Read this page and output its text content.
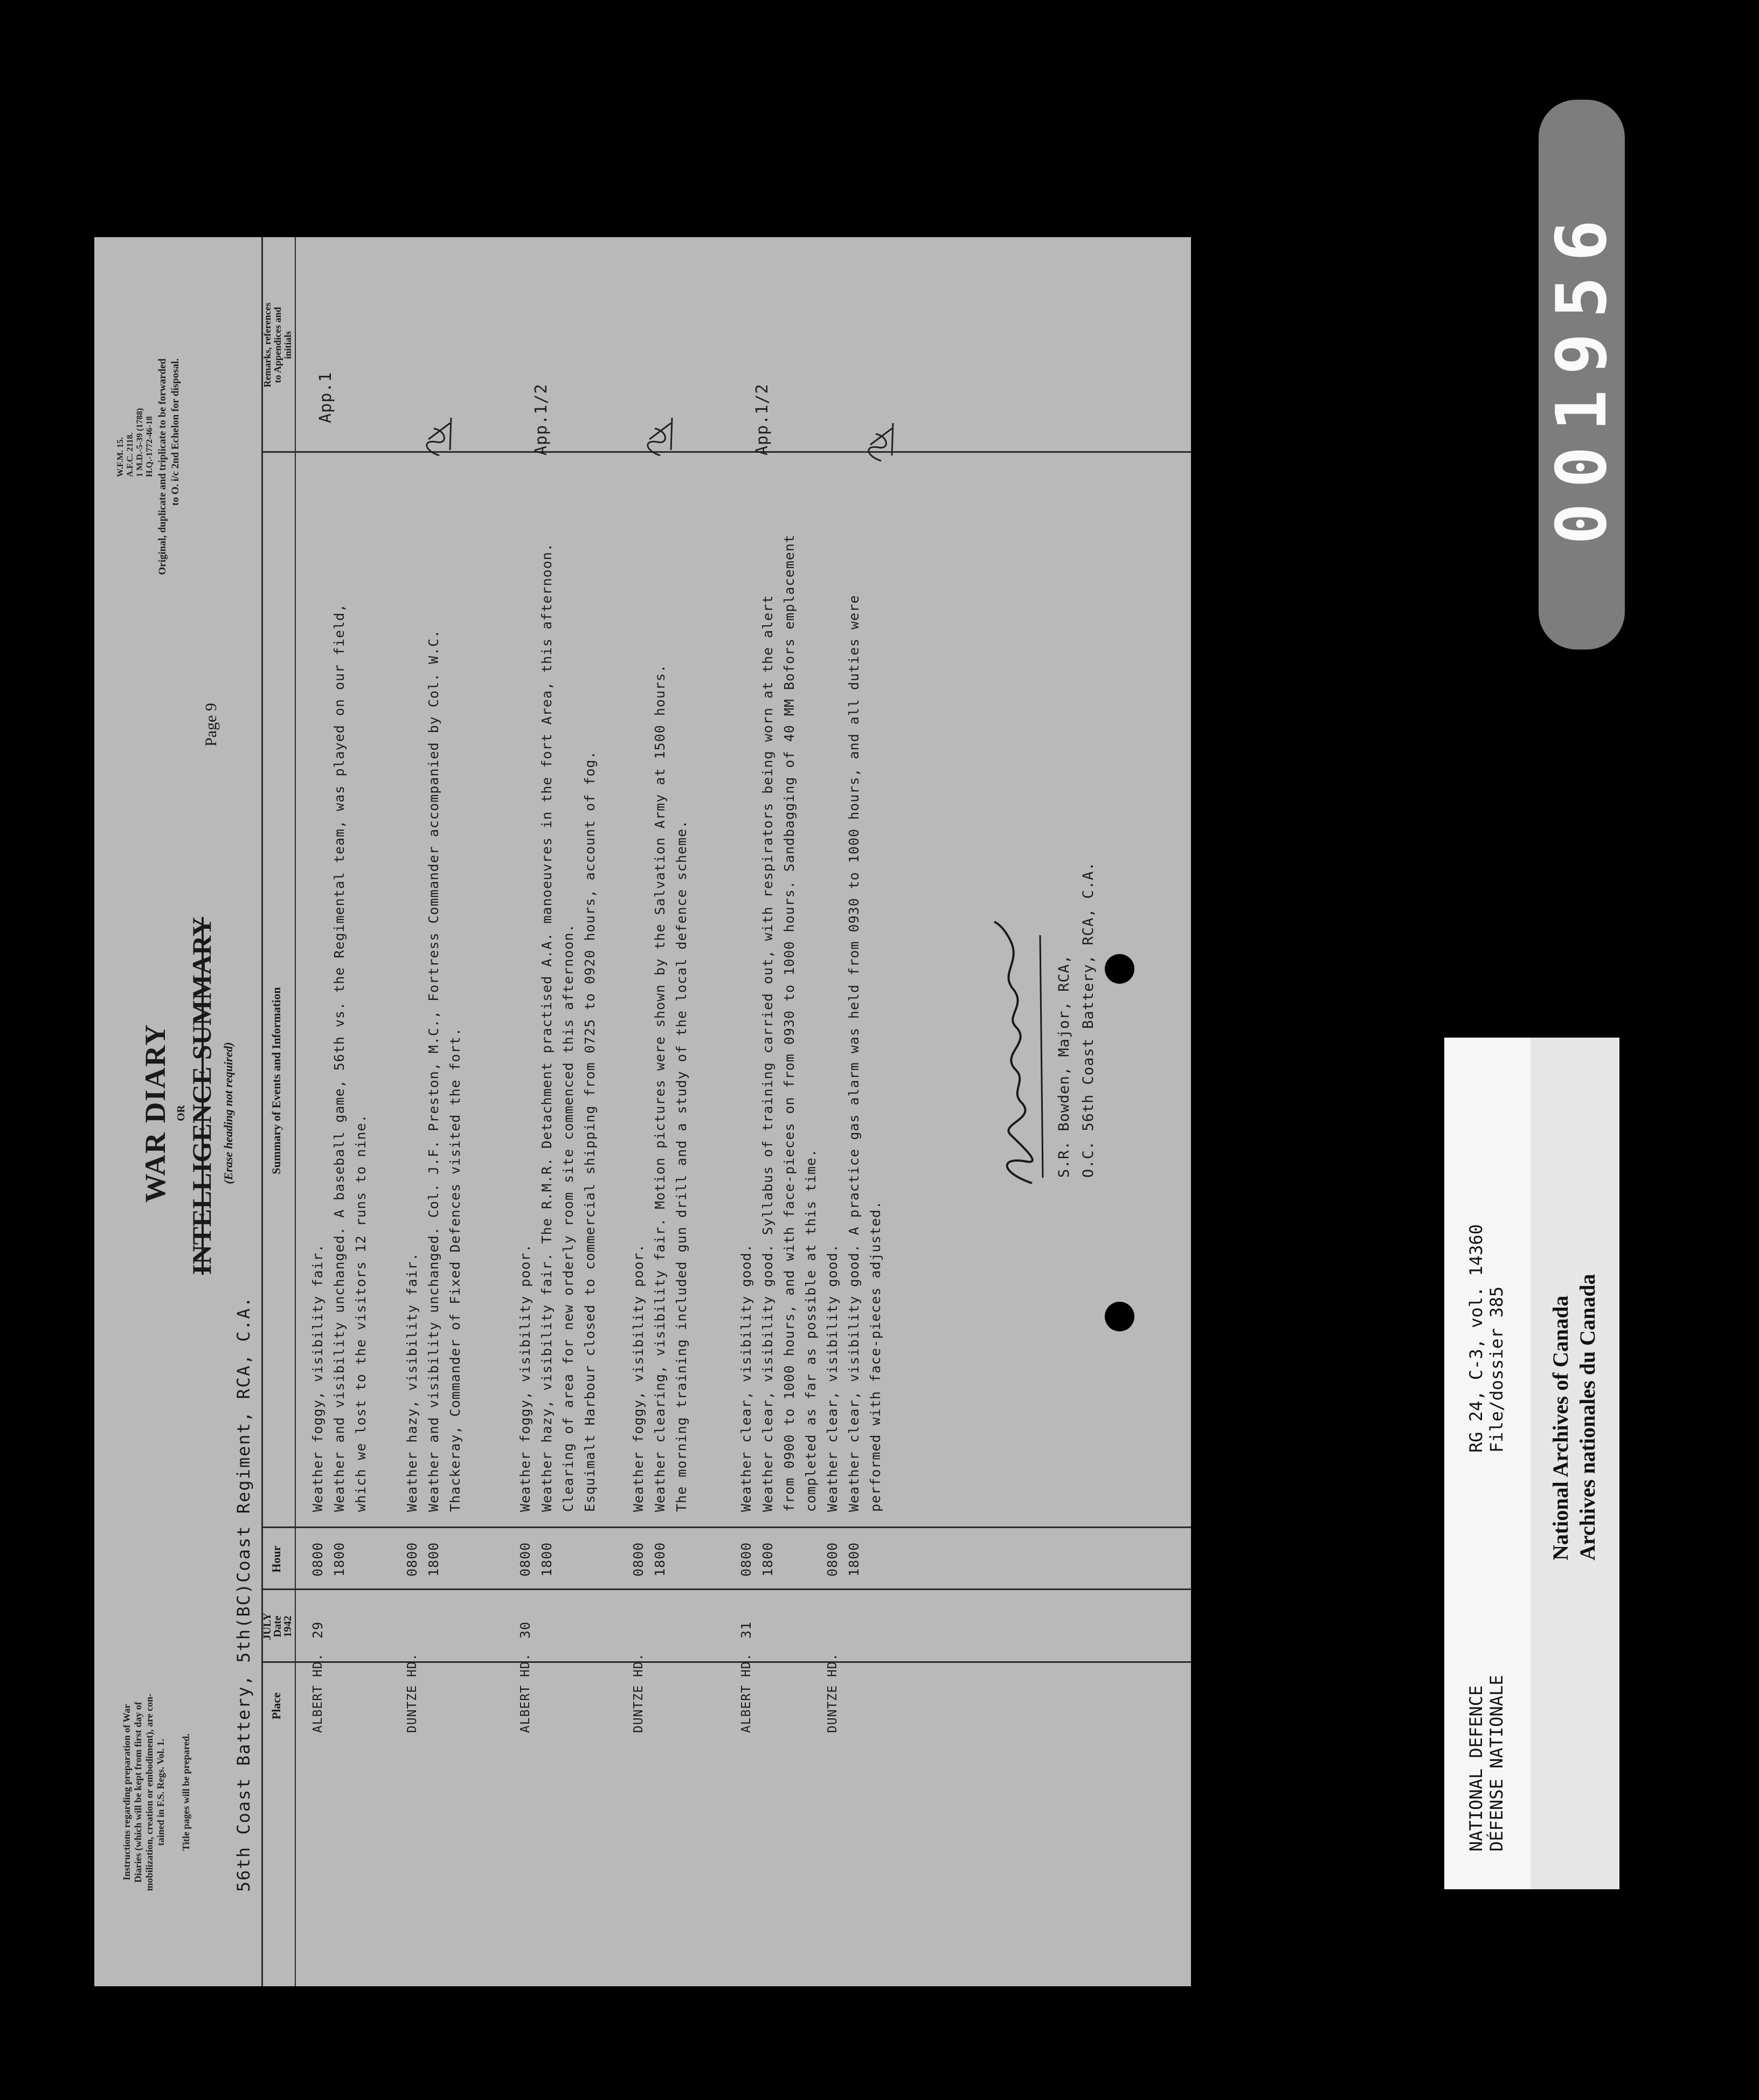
W.F.M. 15. A.F.C. 2118. 1 M.D.-5-39 (1788) H.Q.-1772-46-18 Original, duplicate and triplicate to be forwarded to O. i/c 2nd Echelon for disposal.
Instructions regarding preparation of War Diaries (which will be kept from first day of mobilization, creation or embodiment), are con- tained in F.S. Regs. Vol. 1. Title pages will be prepared.
WAR DIARY OR INTELLIGENCE SUMMARY (Erase heading not required)
Page 9
56th Coast Battery, 5th(BC)Coast Regiment, RCA, C.A. Place
JULY
Date
1942
Hour
Summary of Events and Information
Remarks, references to Appendices and initials
ALBERT HD.
29
0800 1800
Weather foggy, visibility fair. Weather and visibility unchanged. A baseball game, 56th vs. the Regimental team, was played on our field, which we lost to the visitors 12 runs to nine.
App.1
DUNTZE HD.
0800 1800
Weather hazy, visibility fair. Weather and visibility unchanged. Col. J.F. Preston, M.C., Fortress Commander accompanied by Col. W.C. Thackeray, Commander of Fixed Defences visited the fort.
ALBERT HD.
30
0800 1800
Weather foggy, visibility poor. Weather hazy, visibility fair. The R.M.R. Detachment practised A.A. manoeuvres in the fort Area, this afternoon. Clearing of area for new orderly room site commenced this afternoon. Esquimalt Harbour closed to commercial shipping from 0725 to 0920 hours, account of fog.
App.1/2
DUNTZE HD.
0800 1800
Weather foggy, visibility poor. Weather clearing, visibility fair. Motion pictures were shown by the Salvation Army at 1500 hours. The morning training included gun drill and a study of the local defence scheme.
ALBERT HD.
31
0800 1800
Weather clear, visibility good. Weather clear, visibility good. Syllabus of training carried out, with respirators being worn at the alert from 0900 to 1000 hours, and with face-pieces on from 0930 to 1000 hours. Sandbagging of 40 MM Bofors emplacement completed as far as possible at this time.
App.1/2
DUNTZE HD.
0800 1800
Weather clear, visibility good. Weather clear, visibility good. A practice gas alarm was held from 0930 to 1000 hours, and all duties were performed with face-pieces adjusted.
S.R. Bowden, Major, RCA, O.C. 56th Coast Battery, RCA, C.A.
001956
NATIONAL DEFENCE DÉFENSE NATIONALE
RG 24, C-3, vol. 14360 File/dossier 385 National Archives of Canada Archives nationales du Canada
